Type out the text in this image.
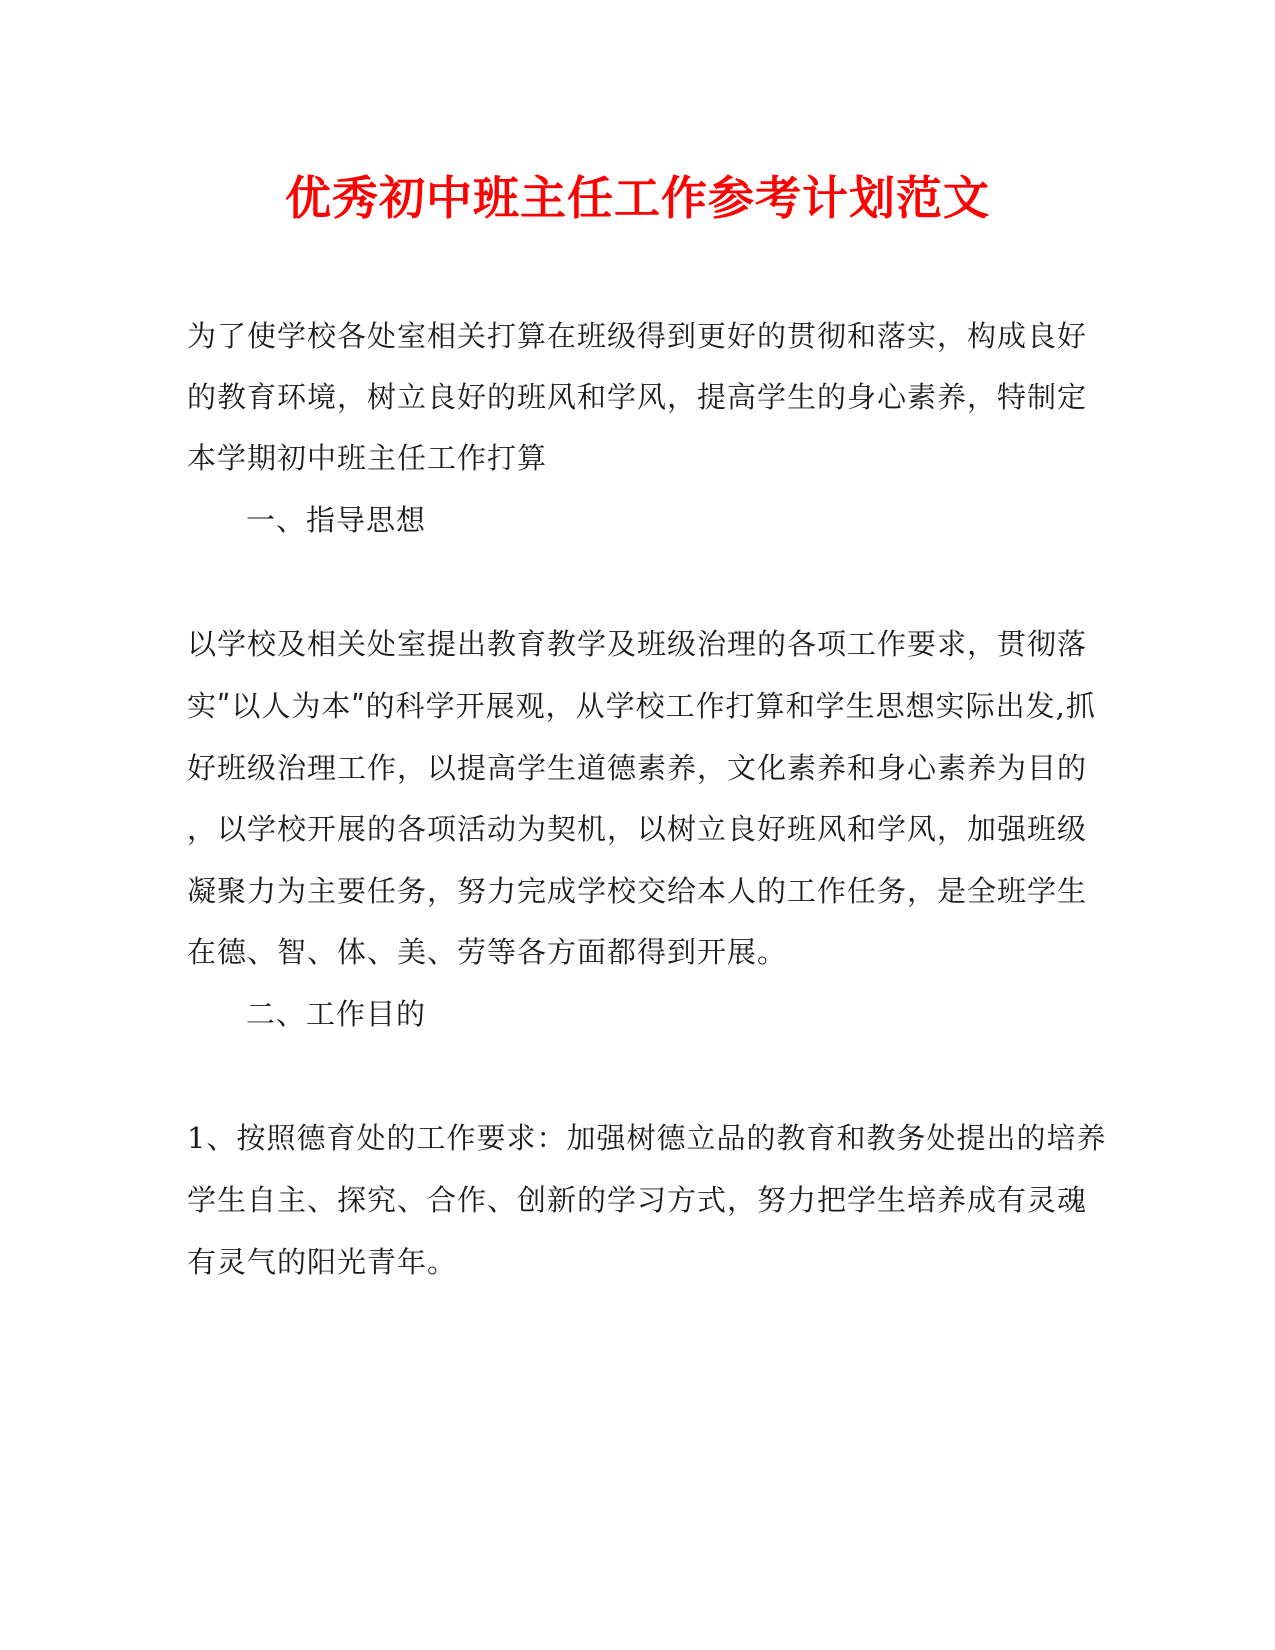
优秀初中班主任工作参考计划范文
为了使学校各处室相关打算在班级得到更好的贯彻和落实，构成良好
的教育环境，树立良好的班风和学风，提高学生的身心素养，特制定
本学期初中班主任工作打算
一、指导思想
以学校及相关处室提出教育教学及班级治理的各项工作要求，贯彻落
实ʺ以人为本ʺ的科学开展观，从学校工作打算和学生思想实际出发,抓
好班级治理工作，以提高学生道德素养，文化素养和身心素养为目的
，以学校开展的各项活动为契机，以树立良好班风和学风，加强班级
凝聚力为主要任务，努力完成学校交给本人的工作任务，是全班学生
在德、智、体、美、劳等各方面都得到开展。
二、工作目的
1、按照德育处的工作要求：加强树德立品的教育和教务处提出的培养
学生自主、探究、合作、创新的学习方式，努力把学生培养成有灵魂
有灵气的阳光青年。
